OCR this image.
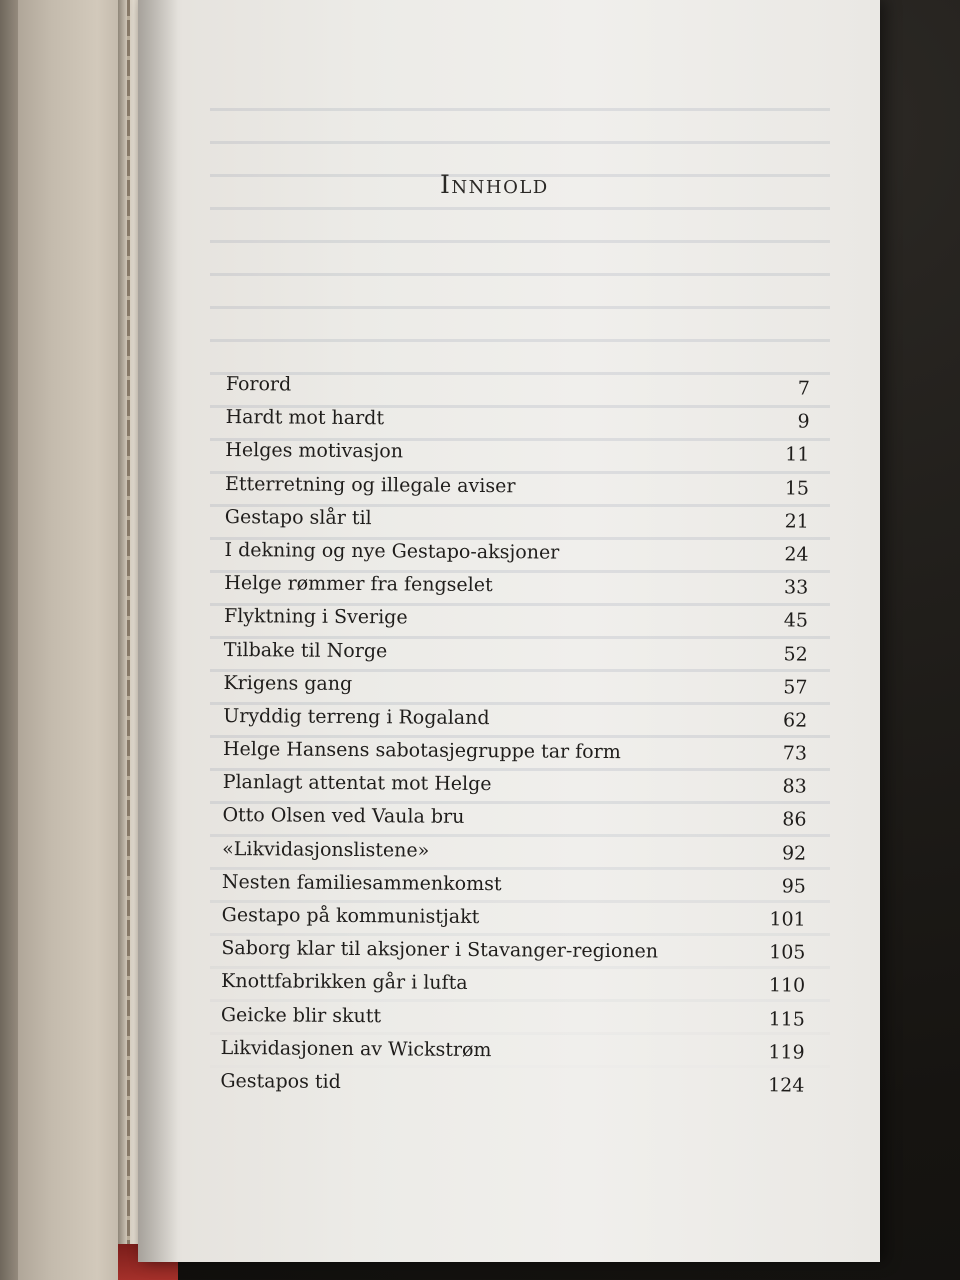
Innhold
Forord	7
Hardt mot hardt	9
Helges motivasjon	11
Etterretning og illegale aviser	15
Gestapo slår til	21
I dekning og nye Gestapo-aksjoner	24
Helge rømmer fra fengselet	33
Flyktning i Sverige	45
Tilbake til Norge	52
Krigens gang	57
Uryddig terreng i Rogaland	62
Helge Hansens sabotasjegruppe tar form	73
Planlagt attentat mot Helge	83
Otto Olsen ved Vaula bru	86
«Likvidasjonslistene»	92
Nesten familiesammenkomst	95
Gestapo på kommunistjakt	101
Saborg klar til aksjoner i Stavanger-regionen	105
Knottfabrikken går i lufta	110
Geicke blir skutt	115
Likvidasjonen av Wickstrøm	119
Gestapos tid	124
